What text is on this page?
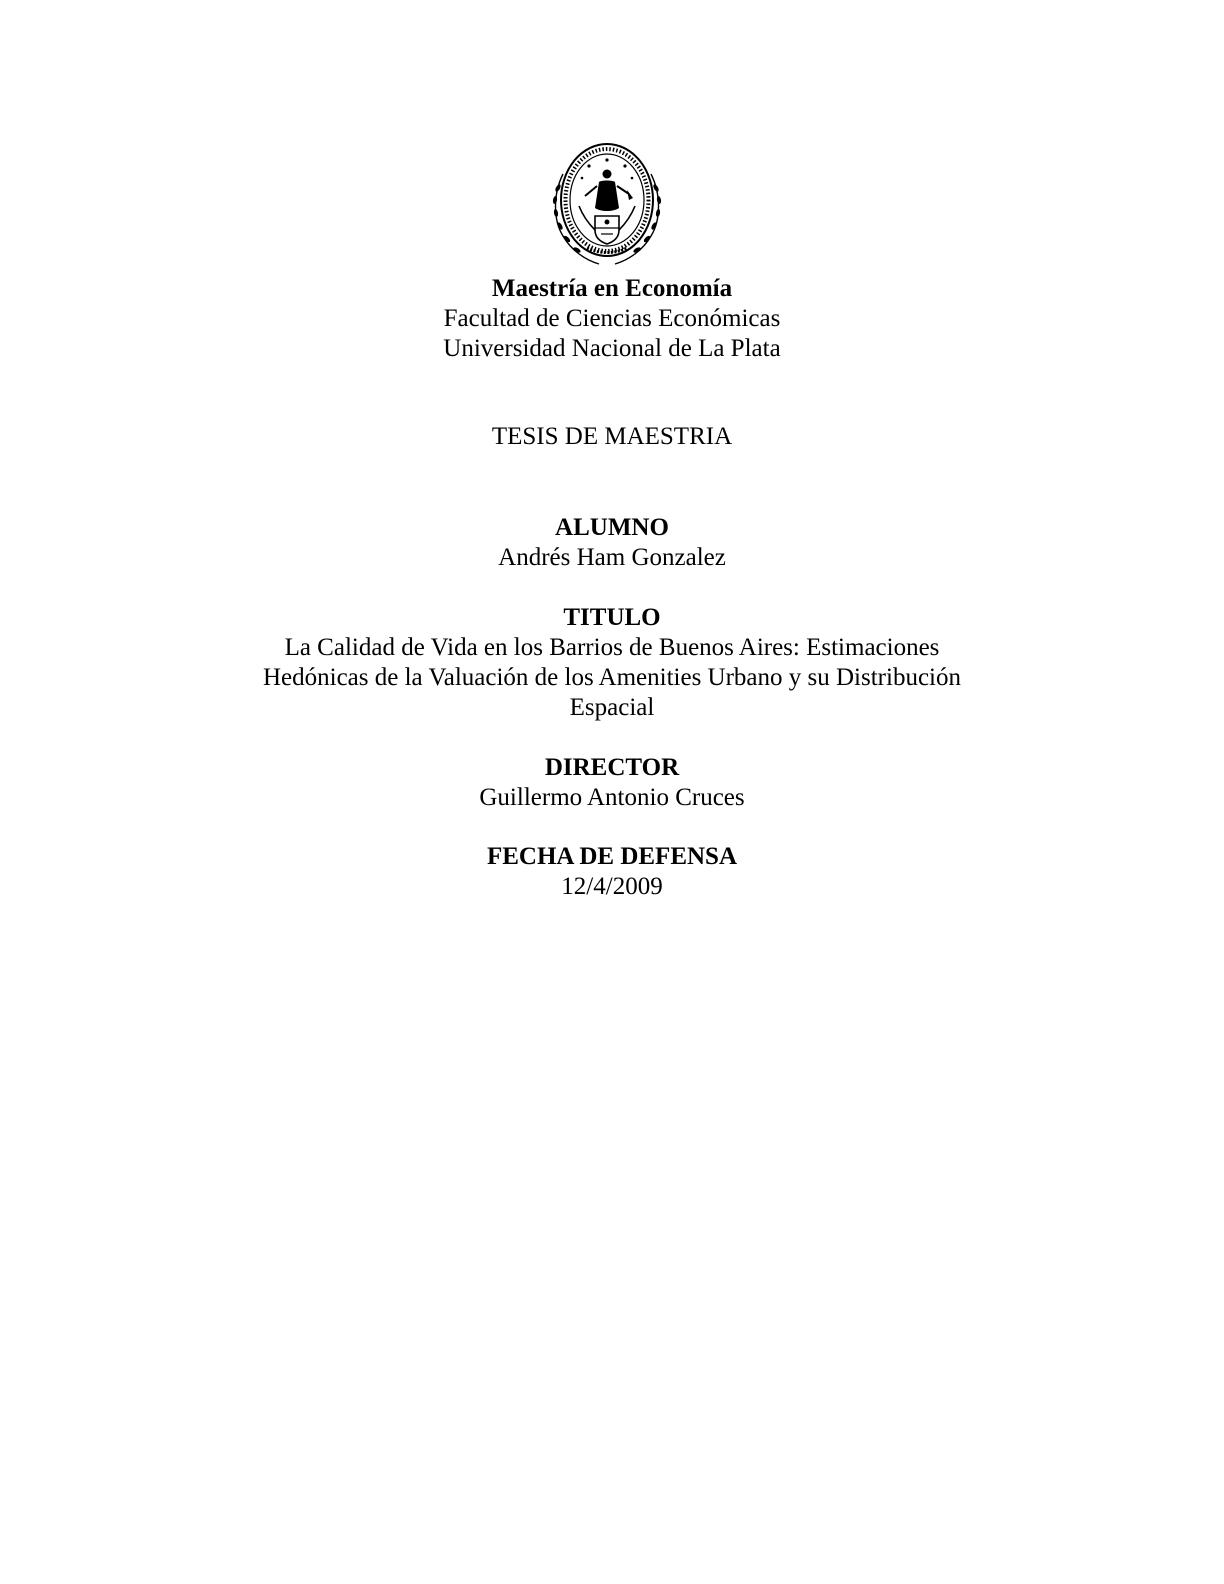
Maestría en Economía
Facultad de Ciencias Económicas
Universidad Nacional de La Plata
TESIS DE MAESTRIA
ALUMNO
Andrés Ham Gonzalez
TITULO
La Calidad de Vida en los Barrios de Buenos Aires: Estimaciones
Hedónicas de la Valuación de los Amenities Urbano y su Distribución
Espacial
DIRECTOR
Guillermo Antonio Cruces
FECHA DE DEFENSA
12/4/2009
